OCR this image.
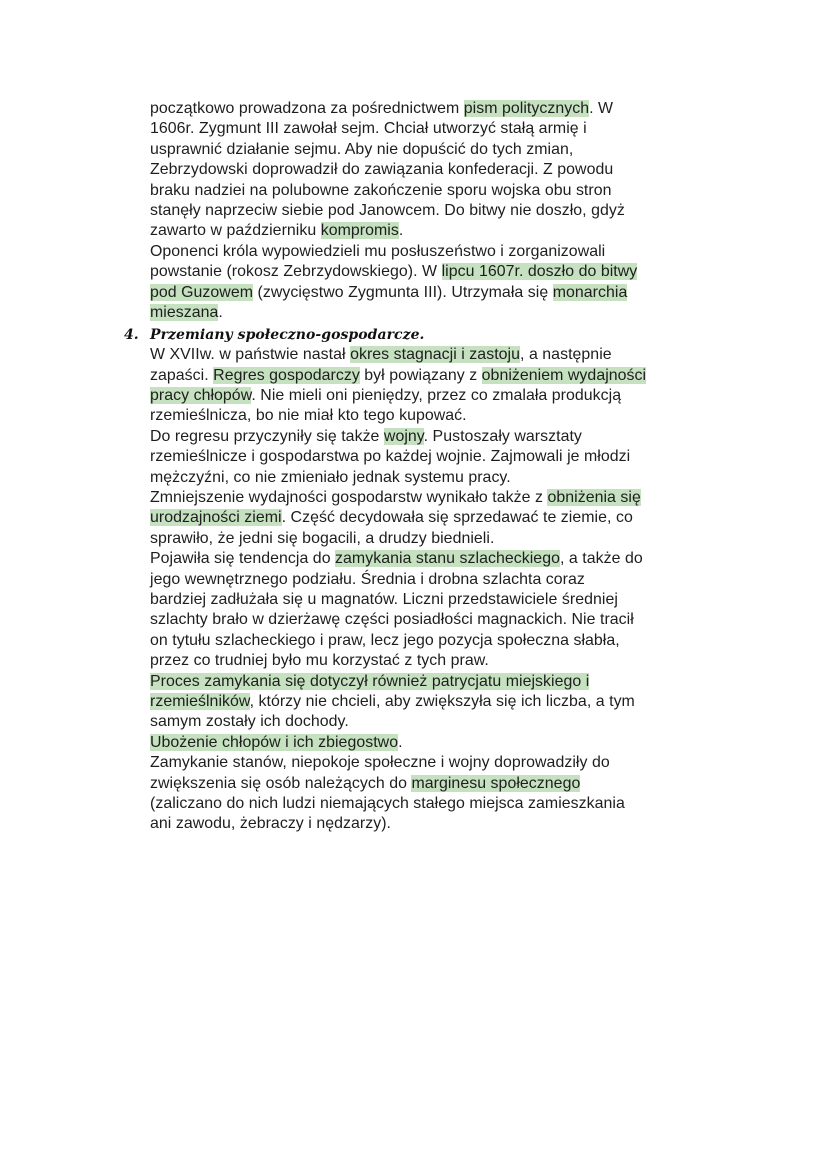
początkowo prowadzona za pośrednictwem pism politycznych. W
1606r. Zygmunt III zawołał sejm. Chciał utworzyć stałą armię i
usprawnić działanie sejmu. Aby nie dopuścić do tych zmian,
Zebrzydowski doprowadził do zawiązania konfederacji. Z powodu
braku nadziei na polubowne zakończenie sporu wojska obu stron
stanęły naprzeciw siebie pod Janowcem. Do bitwy nie doszło, gdyż
zawarto w październiku kompromis.
Oponenci króla wypowiedzieli mu posłuszeństwo i zorganizowali
powstanie (rokosz Zebrzydowskiego). W lipcu 1607r. doszło do bitwy
pod Guzowem (zwycięstwo Zygmunta III). Utrzymała się monarchia
mieszana.
4. Przemiany społeczno-gospodarcze.
W XVIIw. w państwie nastał okres stagnacji i zastoju, a następnie
zapaści. Regres gospodarczy był powiązany z obniżeniem wydajności
pracy chłopów. Nie mieli oni pieniędzy, przez co zmalała produkcją
rzemieślnicza, bo nie miał kto tego kupować.
Do regresu przyczyniły się także wojny. Pustoszały warsztaty
rzemieślnicze i gospodarstwa po każdej wojnie. Zajmowali je młodzi
mężczyźni, co nie zmieniało jednak systemu pracy.
Zmniejszenie wydajności gospodarstw wynikało także z obniżenia się
urodzajności ziemi. Część decydowała się sprzedawać te ziemie, co
sprawiło, że jedni się bogacili, a drudzy biednieli.
Pojawiła się tendencja do zamykania stanu szlacheckiego, a także do
jego wewnętrznego podziału. Średnia i drobna szlachta coraz
bardziej zadłużała się u magnatów. Liczni przedstawiciele średniej
szlachty brało w dzierżawę części posiadłości magnackich. Nie tracił
on tytułu szlacheckiego i praw, lecz jego pozycja społeczna słabła,
przez co trudniej było mu korzystać z tych praw.
Proces zamykania się dotyczył również patrycjatu miejskiego i
rzemieślników, którzy nie chcieli, aby zwiększyła się ich liczba, a tym
samym zostały ich dochody.
Ubożenie chłopów i ich zbiegostwo.
Zamykanie stanów, niepokoje społeczne i wojny doprowadziły do
zwiększenia się osób należących do marginesu społecznego
(zaliczano do nich ludzi niemających stałego miejsca zamieszkania
ani zawodu, żebraczy i nędzarzy).
